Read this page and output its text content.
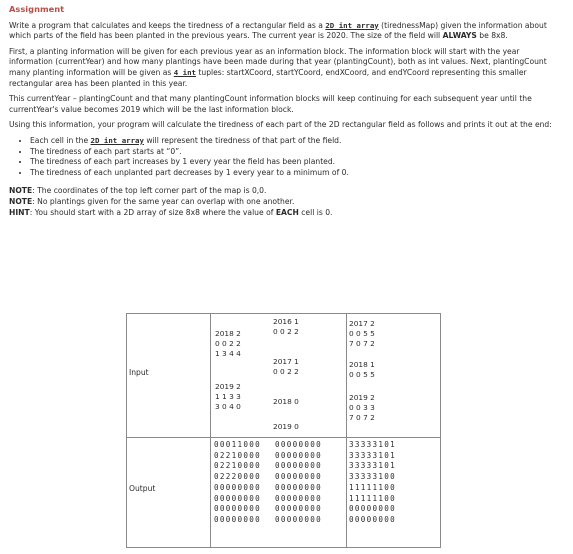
Assignment

Write a program that calculates and keeps the tiredness of a rectangular field as a 2D int array (tirednessMap) given the information about which parts of the field has been planted in the previous years. The current year is 2020. The size of the field will ALWAYS be 8x8.

First, a planting information will be given for each previous year as an information block. The information block will start with the year information (currentYear) and how many plantings have been made during that year (plantingCount), both as int values. Next, plantingCount many planting information will be given as 4 int tuples: startXCoord, startYCoord, endXCoord, and endYCoord representing this smaller rectangular area has been planted in this year.

This currentYear – plantingCount and that many plantingCount information blocks will keep continuing for each subsequent year until the currentYear's value becomes 2019 which will be the last information block.

Using this information, your program will calculate the tiredness of each part of the 2D rectangular field as follows and prints it out at the end:

• Each cell in the 2D int array will represent the tiredness of that part of the field.
• The tiredness of each part starts at “0”.
• The tiredness of each part increases by 1 every year the field has been planted.
• The tiredness of each unplanted part decreases by 1 every year to a minimum of 0.
NOTE: The coordinates of the top left corner part of the map is 0,0.
NOTE: No plantings given for the same year can overlap with one another.
HINT: You should start with a 2D array of size 8x8 where the value of EACH cell is 0.
Input
2018 2
0 0 2 2
1 3 4 4
2019 2
1 1 3 3
3 0 4 0
2016 1
0 0 2 2
2017 1
0 0 2 2
2018 0
2019 0
2017 2
0 0 5 5
7 0 7 2
2018 1
0 0 5 5
2019 2
0 0 3 3
7 0 7 2
Output
00011000
02210000
02210000
02220000
00000000
00000000
00000000
00000000
00000000
00000000
00000000
00000000
00000000
00000000
00000000
00000000
33333101
33333101
33333101
33333100
11111100
11111100
00000000
00000000
